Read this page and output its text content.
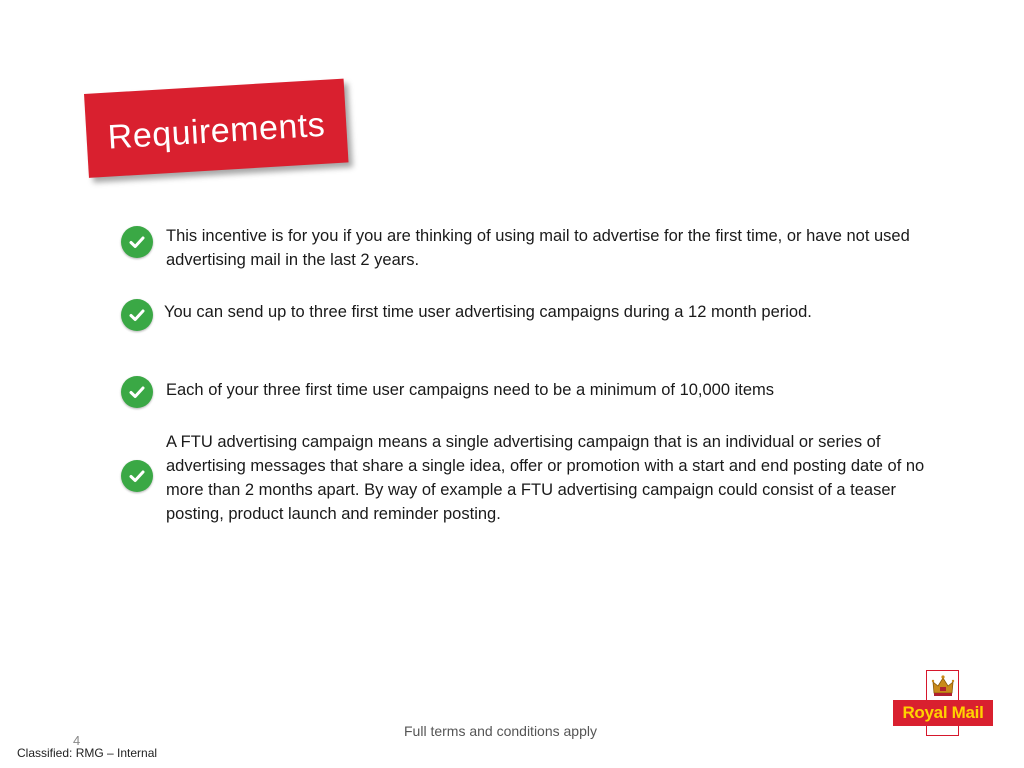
Requirements
This incentive is for you if you are thinking of using mail to advertise for the first time, or have not used advertising mail in the last 2 years.
You can send up to three first time user advertising campaigns during a 12 month period.
Each of your three first time user campaigns need to be a minimum of 10,000 items
A FTU advertising campaign means a single advertising campaign that is an individual or series of advertising messages that share a single idea, offer or promotion with a start and end posting date of no more than 2 months apart. By way of example a FTU advertising campaign could consist of a teaser posting, product launch and reminder posting.
Full terms and conditions apply
4
Classified: RMG – Internal
Royal Mail
